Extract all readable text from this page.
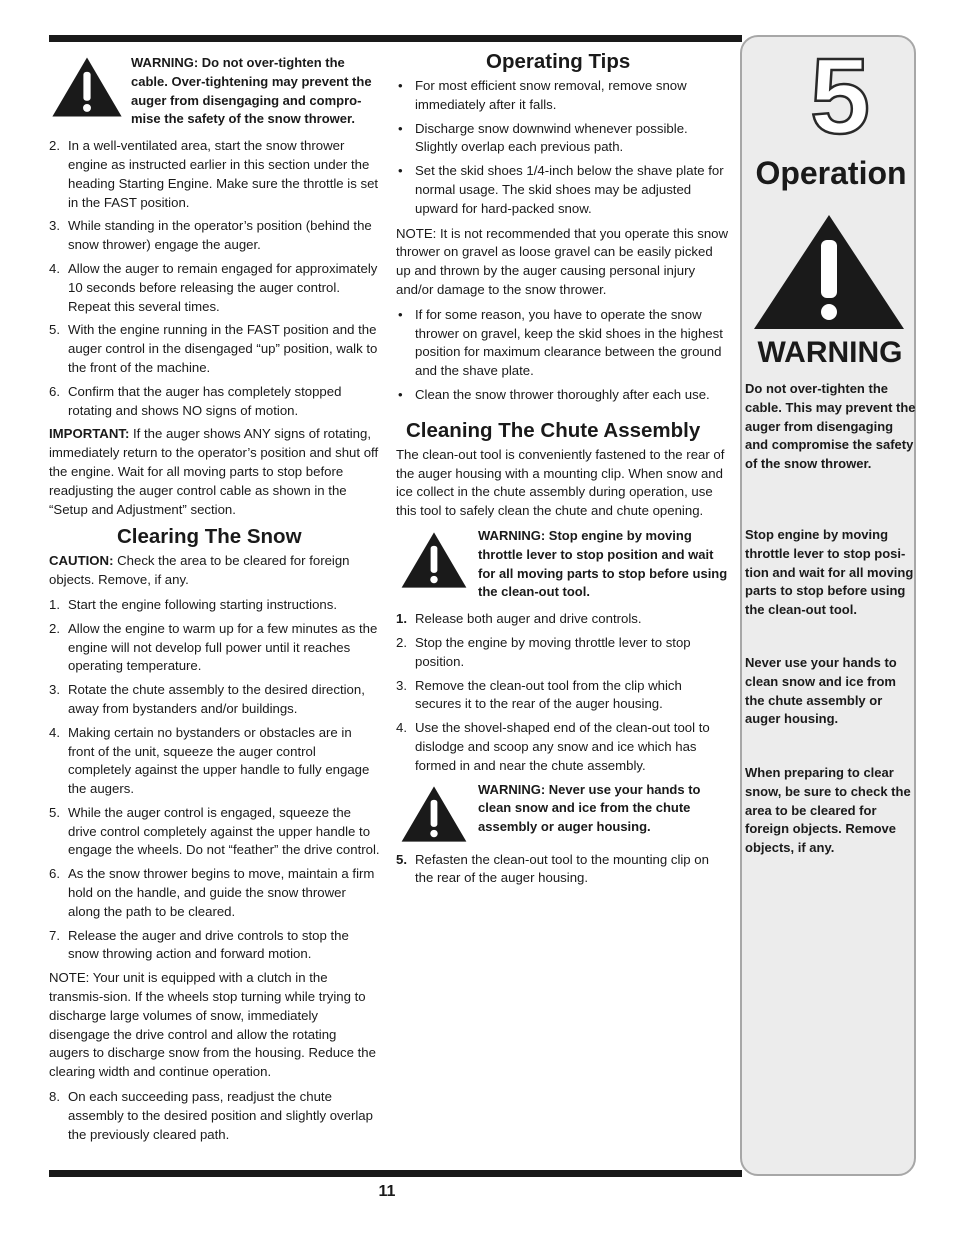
WARNING: Do not over-tighten the cable. Over-tightening may prevent the auger from disengaging and compro-mise the safety of the snow thrower.
2. In a well-ventilated area, start the snow thrower engine as instructed earlier in this section under the heading Starting Engine. Make sure the throttle is set in the FAST position.
3. While standing in the operator’s position (behind the snow thrower) engage the auger.
4. Allow the auger to remain engaged for approximately 10 seconds before releasing the auger control. Repeat this several times.
5. With the engine running in the FAST position and the auger control in the disengaged “up” position, walk to the front of the machine.
6. Confirm that the auger has completely stopped rotating and shows NO signs of motion.

IMPORTANT: If the auger shows ANY signs of rotating, immediately return to the operator’s position and shut off the engine. Wait for all moving parts to stop before readjusting the auger control cable as shown in the “Setup and Adjustment” section.

Clearing The Snow

CAUTION: Check the area to be cleared for foreign objects. Remove, if any.

1. Start the engine following starting instructions.
2. Allow the engine to warm up for a few minutes as the engine will not develop full power until it reaches operating temperature.
3. Rotate the chute assembly to the desired direction, away from bystanders and/or buildings.
4. Making certain no bystanders or obstacles are in front of the unit, squeeze the auger control completely against the upper handle to fully engage the augers.
5. While the auger control is engaged, squeeze the drive control completely against the upper handle to engage the wheels. Do not “feather” the drive control.
6. As the snow thrower begins to move, maintain a firm hold on the handle, and guide the snow thrower along the path to be cleared.
7. Release the auger and drive controls to stop the snow throwing action and forward motion.

NOTE: Your unit is equipped with a clutch in the transmis-sion. If the wheels stop turning while trying to discharge large volumes of snow, immediately disengage the drive control and allow the rotating augers to discharge snow from the housing. Reduce the clearing width and continue operation.

8. On each succeeding pass, readjust the chute assembly to the desired position and slightly overlap the previously cleared path.
Operating Tips
• For most efficient snow removal, remove snow immediately after it falls.
• Discharge snow downwind whenever possible. Slightly overlap each previous path.
• Set the skid shoes 1/4-inch below the shave plate for normal usage. The skid shoes may be adjusted upward for hard-packed snow.

NOTE: It is not recommended that you operate this snow thrower on gravel as loose gravel can be easily picked up and thrown by the auger causing personal injury and/or damage to the snow thrower.

• If for some reason, you have to operate the snow thrower on gravel, keep the skid shoes in the highest position for maximum clearance between the ground and the shave plate.
• Clean the snow thrower thoroughly after each use.
Cleaning The Chute Assembly

The clean-out tool is conveniently fastened to the rear of the auger housing with a mounting clip. When snow and ice collect in the chute assembly during operation, use this tool to safely clean the chute and chute opening.

WARNING: Stop engine by moving throttle lever to stop position and wait for all moving parts to stop before using the clean-out tool.
1. Release both auger and drive controls.
2. Stop the engine by moving throttle lever to stop position.
3. Remove the clean-out tool from the clip which secures it to the rear of the auger housing.
4. Use the shovel-shaped end of the clean-out tool to dislodge and scoop any snow and ice which has formed in and near the chute assembly.
WARNING: Never use your hands to clean snow and ice from the chute assembly or auger housing.
5. Refasten the clean-out tool to the mounting clip on the rear of the auger housing.
5
Operation
WARNING
Do not over-tighten the cable. This may prevent the auger from disengaging and compromise the safety of the snow thrower.
Stop engine by moving throttle lever to stop posi-tion and wait for all moving parts to stop before using the clean-out tool.
Never use your hands to clean snow and ice from the chute assembly or auger housing.
When preparing to clear snow, be sure to check the area to be cleared for foreign objects. Remove objects, if any.
11
